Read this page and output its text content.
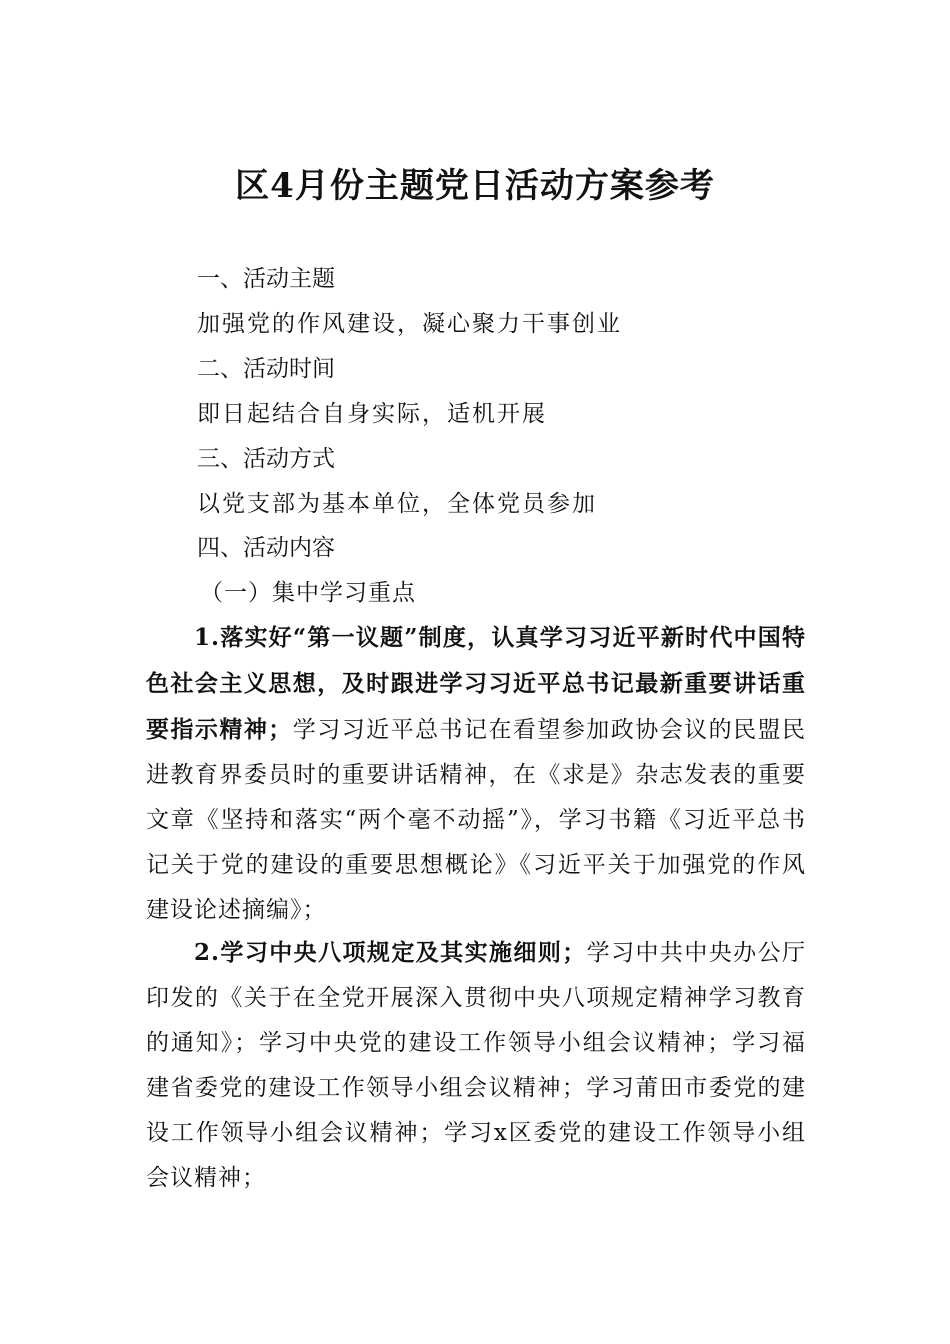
区4月份主题党日活动方案参考
一、活动主题
加强党的作风建设，凝心聚力干事创业
二、活动时间
即日起结合自身实际，适机开展
三、活动方式
以党支部为基本单位，全体党员参加
四、活动内容
（一）集中学习重点
1.落实好“第一议题”制度，认真学习习近平新时代中国特色社会主义思想，及时跟进学习习近平总书记最新重要讲话重要指示精神；学习习近平总书记在看望参加政协会议的民盟民进教育界委员时的重要讲话精神，在《求是》杂志发表的重要文章《坚持和落实“两个毫不动摇”》，学习书籍《习近平总书记关于党的建设的重要思想概论》《习近平关于加强党的作风建设论述摘编》；
2.学习中央八项规定及其实施细则；学习中共中央办公厅印发的《关于在全党开展深入贯彻中央八项规定精神学习教育的通知》；学习中央党的建设工作领导小组会议精神；学习福建省委党的建设工作领导小组会议精神；学习莆田市委党的建设工作领导小组会议精神；学习x区委党的建设工作领导小组会议精神；
